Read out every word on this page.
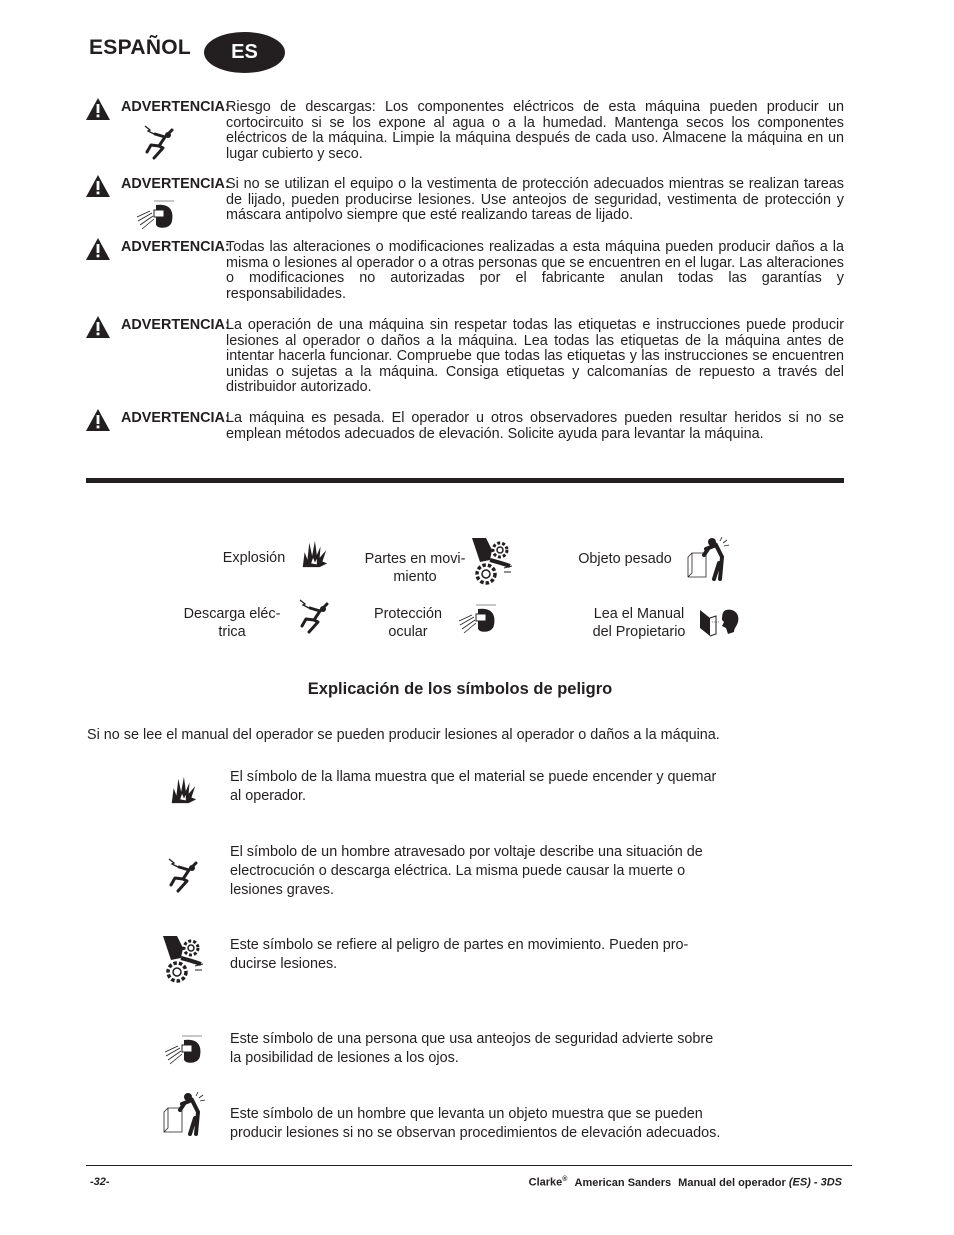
ESPAÑOL	ES
ADVERTENCIA:
Riesgo de descargas: Los componentes eléctricos de esta máquina pueden producir un cortocircuito si se los expone al agua o a la humedad. Mantenga secos los componentes eléctricos de la máquina. Limpie la máquina después de cada uso. Almacene la máquina en un lugar cubierto y seco.
ADVERTENCIA:
Si no se utilizan el equipo o la vestimenta de protección adecuados mientras se realizan tareas de lijado, pueden producirse lesiones. Use anteojos de seguridad, vestimenta de protección y máscara antipolvo siempre que esté realizando tareas de lijado.
ADVERTENCIA:
Todas las alteraciones o modificaciones realizadas a esta máquina pueden producir daños a la misma o lesiones al operador o a otras personas que se encuentren en el lugar. Las alteraciones o modificaciones no autorizadas por el fabricante anulan todas las garantías y responsabilidades.
ADVERTENCIA:
La operación de una máquina sin respetar todas las etiquetas e instrucciones puede producir lesiones al operador o daños a la máquina. Lea todas las etiquetas de la máquina antes de intentar hacerla funcionar. Compruebe que todas las etiquetas y las instrucciones se encuentren unidas o sujetas a la máquina. Consiga etiquetas y calcomanías de repuesto a través del distribuidor autorizado.
ADVERTENCIA:
La máquina es pesada. El operador u otros observadores pueden resultar heridos si no se emplean métodos adecuados de elevación. Solicite ayuda para levantar la máquina.
Explosión	Partes en movi-
miento
Objeto pesado
Descarga eléc-
trica
Protección
ocular
Lea el Manual
del Propietario
Explicación de los símbolos de peligro
Si no se lee el manual del operador se pueden producir lesiones al operador o daños a la máquina.
El símbolo de la llama muestra que el material se puede encender y quemar
al operador.
El símbolo de un hombre atravesado por voltaje describe una situación de
electrocución o descarga eléctrica. La misma puede causar la muerte o
lesiones graves.
Este símbolo se refiere al peligro de partes en movimiento. Pueden pro-
ducirse lesiones.
Este símbolo de una persona que usa anteojos de seguridad advierte sobre
la posibilidad de lesiones a los ojos.
Este símbolo de un hombre que levanta un objeto muestra que se pueden
producir lesiones si no se observan procedimientos de elevación adecuados.
-32-	Clarke® American Sanders Manual del operador (ES) - 3DS
